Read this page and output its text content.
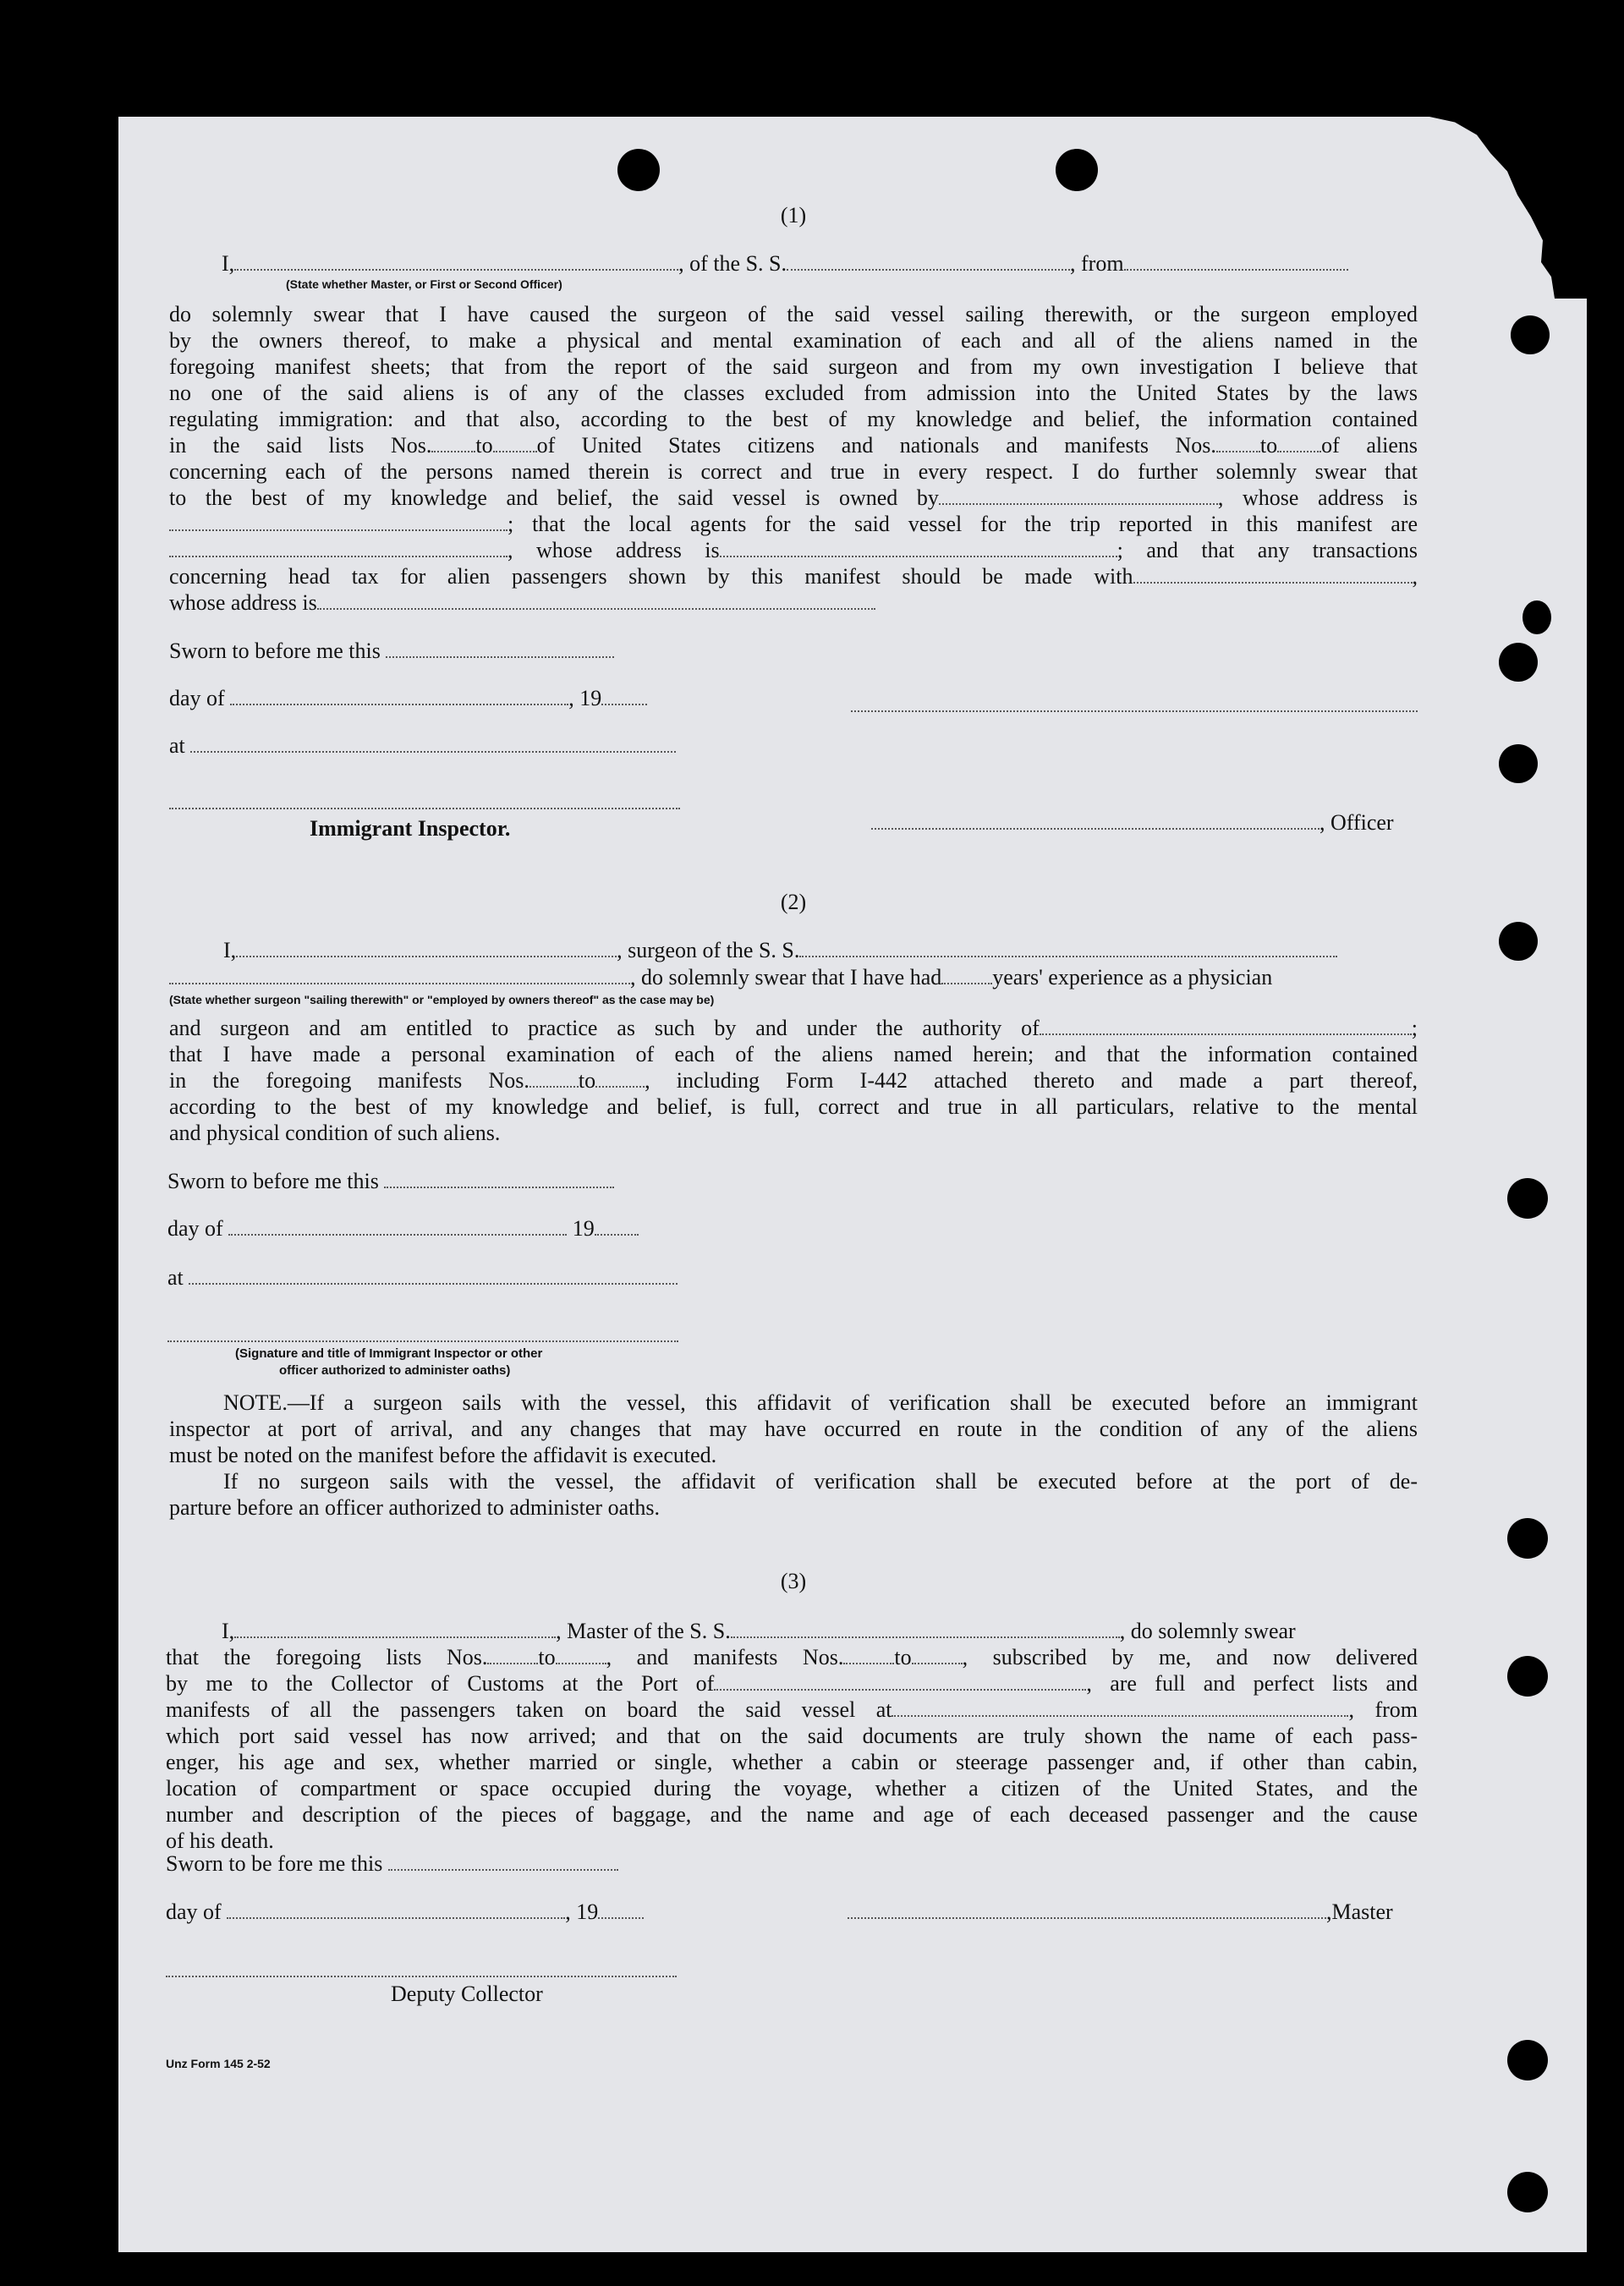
(1)
I,	, of the S. S.	, from
(State whether Master, or First or Second Officer)

do solemnly swear that I have caused the surgeon of the said vessel sailing therewith, or the surgeon employed

by the owners thereof, to make a physical and mental examination of each and all of the aliens named in the

foregoing manifest sheets; that from the report of the said surgeon and from my own investigation I believe that

no one of the said aliens is of any of the classes excluded from admission into the United States by the laws

regulating immigration: and that also, according to the best of my knowledge and belief, the information contained

in the said lists Nos. to of United States citizens and nationals and manifests Nos. to of aliens

concerning each of the persons named therein is correct and true in every respect. I do further solemnly swear that

to the best of my knowledge and belief, the said vessel is owned by	, whose address is

; that the local agents for the said vessel for the trip reported in this manifest are

, whose address is	; and that any transactions

concerning head tax for alien passengers shown by this manifest should be made with	,

whose address is

Sworn to before me this
day of	, 19
at
Immigrant Inspector.	, Officer
(2)
I,	, surgeon of the S. S.
, do solemnly swear that I have had years' experience as a physician
(State whether surgeon "sailing therewith" or "employed by owners thereof" as the case may be)

and surgeon and am entitled to practice as such by and under the authority of	;

that I have made a personal examination of each of the aliens named herein; and that the information contained

in the foregoing manifests Nos. to , including Form I-442 attached thereto and made a part thereof,

according to the best of my knowledge and belief, is full, correct and true in all particulars, relative to the mental

and physical condition of such aliens.

Sworn to before me this
day of	19
at
(Signature and title of Immigrant Inspector or other
officer authorized to administer oaths)

NOTE.—If a surgeon sails with the vessel, this affidavit of verification shall be executed before an immigrant

inspector at port of arrival, and any changes that may have occurred en route in the condition of any of the aliens

must be noted on the manifest before the affidavit is executed.

If no surgeon sails with the vessel, the affidavit of verification shall be executed before at the port of de-

parture before an officer authorized to administer oaths.

(3)
I,	, Master of the S. S.	, do solemnly swear

that the foregoing lists Nos. to , and manifests Nos. to , subscribed by me, and now delivered

by me to the Collector of Customs at the Port of	, are full and perfect lists and

manifests of all the passengers taken on board the said vessel at	, from

which port said vessel has now arrived; and that on the said documents are truly shown the name of each pass-

enger, his age and sex, whether married or single, whether a cabin or steerage passenger and, if other than cabin,

location of compartment or space occupied during the voyage, whether a citizen of the United States, and the

number and description of the pieces of baggage, and the name and age of each deceased passenger and the cause

of his death.

Sworn to be fore me this
day of	, 19	,Master
Deputy Collector
Unz Form 145 2-52
